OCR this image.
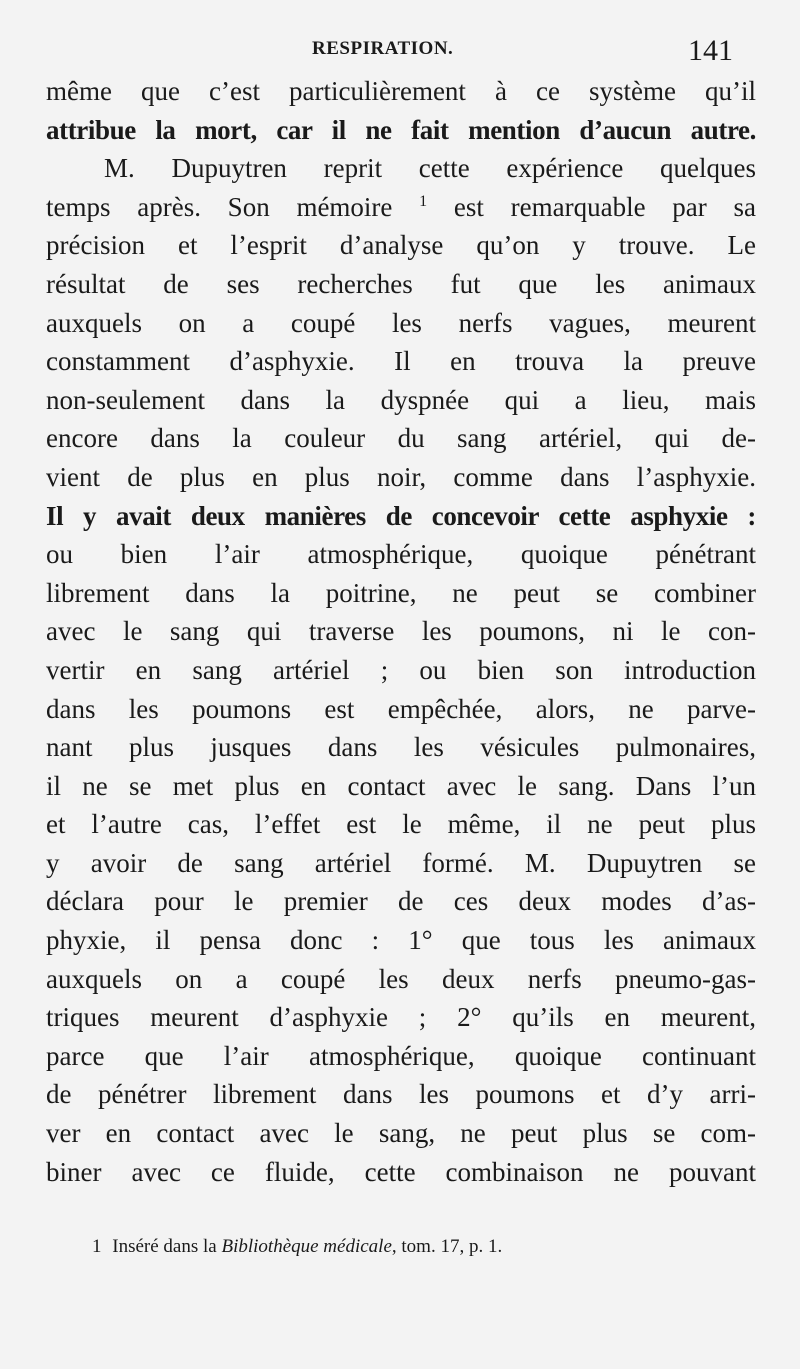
RESPIRATION.	141
même que c’est particulièrement à ce système qu’il
attribue la mort, car il ne fait mention d’aucun autre.
M. Dupuytren reprit cette expérience quelques
temps après. Son mémoire $^1$ est remarquable par sa
précision et l’esprit d’analyse qu’on y trouve. Le
résultat de ses recherches fut que les animaux
auxquels on a coupé les nerfs vagues, meurent
constamment d’asphyxie. Il en trouva la preuve
non-seulement dans la dyspnée qui a lieu, mais
encore dans la couleur du sang artériel, qui de-
vient de plus en plus noir, comme dans l’asphyxie.
Il y avait deux manières de concevoir cette asphyxie :
ou bien l’air atmosphérique, quoique pénétrant
librement dans la poitrine, ne peut se combiner
avec le sang qui traverse les poumons, ni le con-
vertir en sang artériel ; ou bien son introduction
dans les poumons est empêchée, alors, ne parve-
nant plus jusques dans les vésicules pulmonaires,
il ne se met plus en contact avec le sang. Dans l’un
et l’autre cas, l’effet est le même, il ne peut plus
y avoir de sang artériel formé. M. Dupuytren se
déclara pour le premier de ces deux modes d’as-
phyxie, il pensa donc : 1° que tous les animaux
auxquels on a coupé les deux nerfs pneumo-gas-
triques meurent d’asphyxie ; 2° qu’ils en meurent,
parce que l’air atmosphérique, quoique continuant
de pénétrer librement dans les poumons et d’y arri-
ver en contact avec le sang, ne peut plus se com-
biner avec ce fluide, cette combinaison ne pouvant
1 Inséré dans la Bibliothèque médicale, tom. 17, p. 1.
